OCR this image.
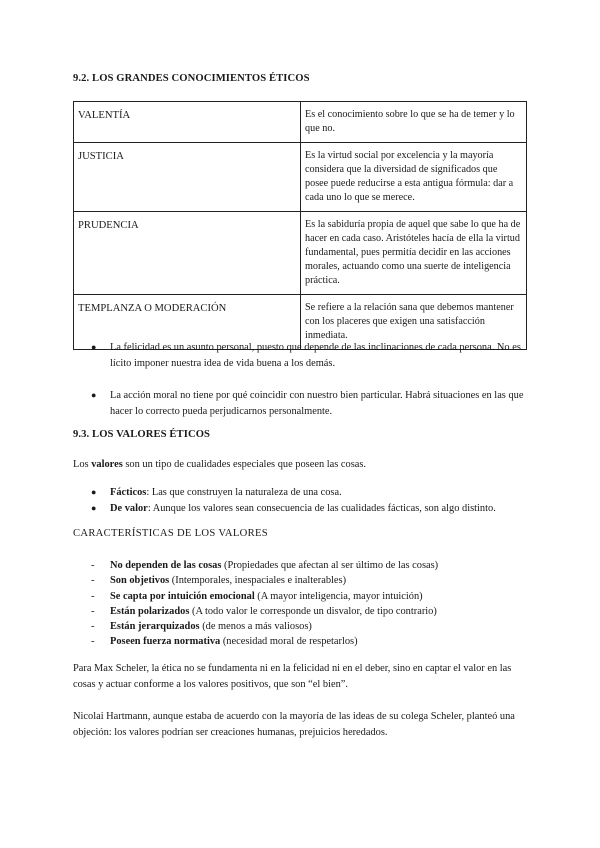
9.2. LOS GRANDES CONOCIMIENTOS ÉTICOS
VALENTÍA	Es el conocimiento sobre lo que se ha de temer y lo que no.
JUSTICIA	Es la virtud social por excelencia y la mayoría considera que la diversidad de significados que posee puede reducirse a esta antigua fórmula: dar a cada uno lo que se merece.
PRUDENCIA	Es la sabiduría propia de aquel que sabe lo que ha de hacer en cada caso. Aristóteles hacía de ella la virtud fundamental, pues permitía decidir en las acciones morales, actuando como una suerte de inteligencia práctica.
TEMPLANZA O MODERACIÓN	Se refiere a la relación sana que debemos mantener con los placeres que exigen una satisfacción inmediata.
● La felicidad es un asunto personal, puesto que depende de las inclinaciones de cada persona. No es lícito imponer nuestra idea de vida buena a los demás.
● La acción moral no tiene por qué coincidir con nuestro bien particular. Habrá situaciones en las que hacer lo correcto pueda perjudicarnos personalmente.
9.3. LOS VALORES ÉTICOS
Los valores son un tipo de cualidades especiales que poseen las cosas.
● Fácticos: Las que construyen la naturaleza de una cosa.
● De valor: Aunque los valores sean consecuencia de las cualidades fácticas, son algo distinto.
CARACTERÍSTICAS DE LOS VALORES
- No dependen de las cosas (Propiedades que afectan al ser último de las cosas)
- Son objetivos (Intemporales, inespaciales e inalterables)
- Se capta por intuición emocional (A mayor inteligencia, mayor intuición)
- Están polarizados (A todo valor le corresponde un disvalor, de tipo contrario)
- Están jerarquizados (de menos a más valiosos)
- Poseen fuerza normativa (necesidad moral de respetarlos)
Para Max Scheler, la ética no se fundamenta ni en la felicidad ni en el deber, sino en captar el valor en las cosas y actuar conforme a los valores positivos, que son “el bien”.
Nicolai Hartmann, aunque estaba de acuerdo con la mayoría de las ideas de su colega Scheler, planteó una objeción: los valores podrían ser creaciones humanas, prejuicios heredados.
